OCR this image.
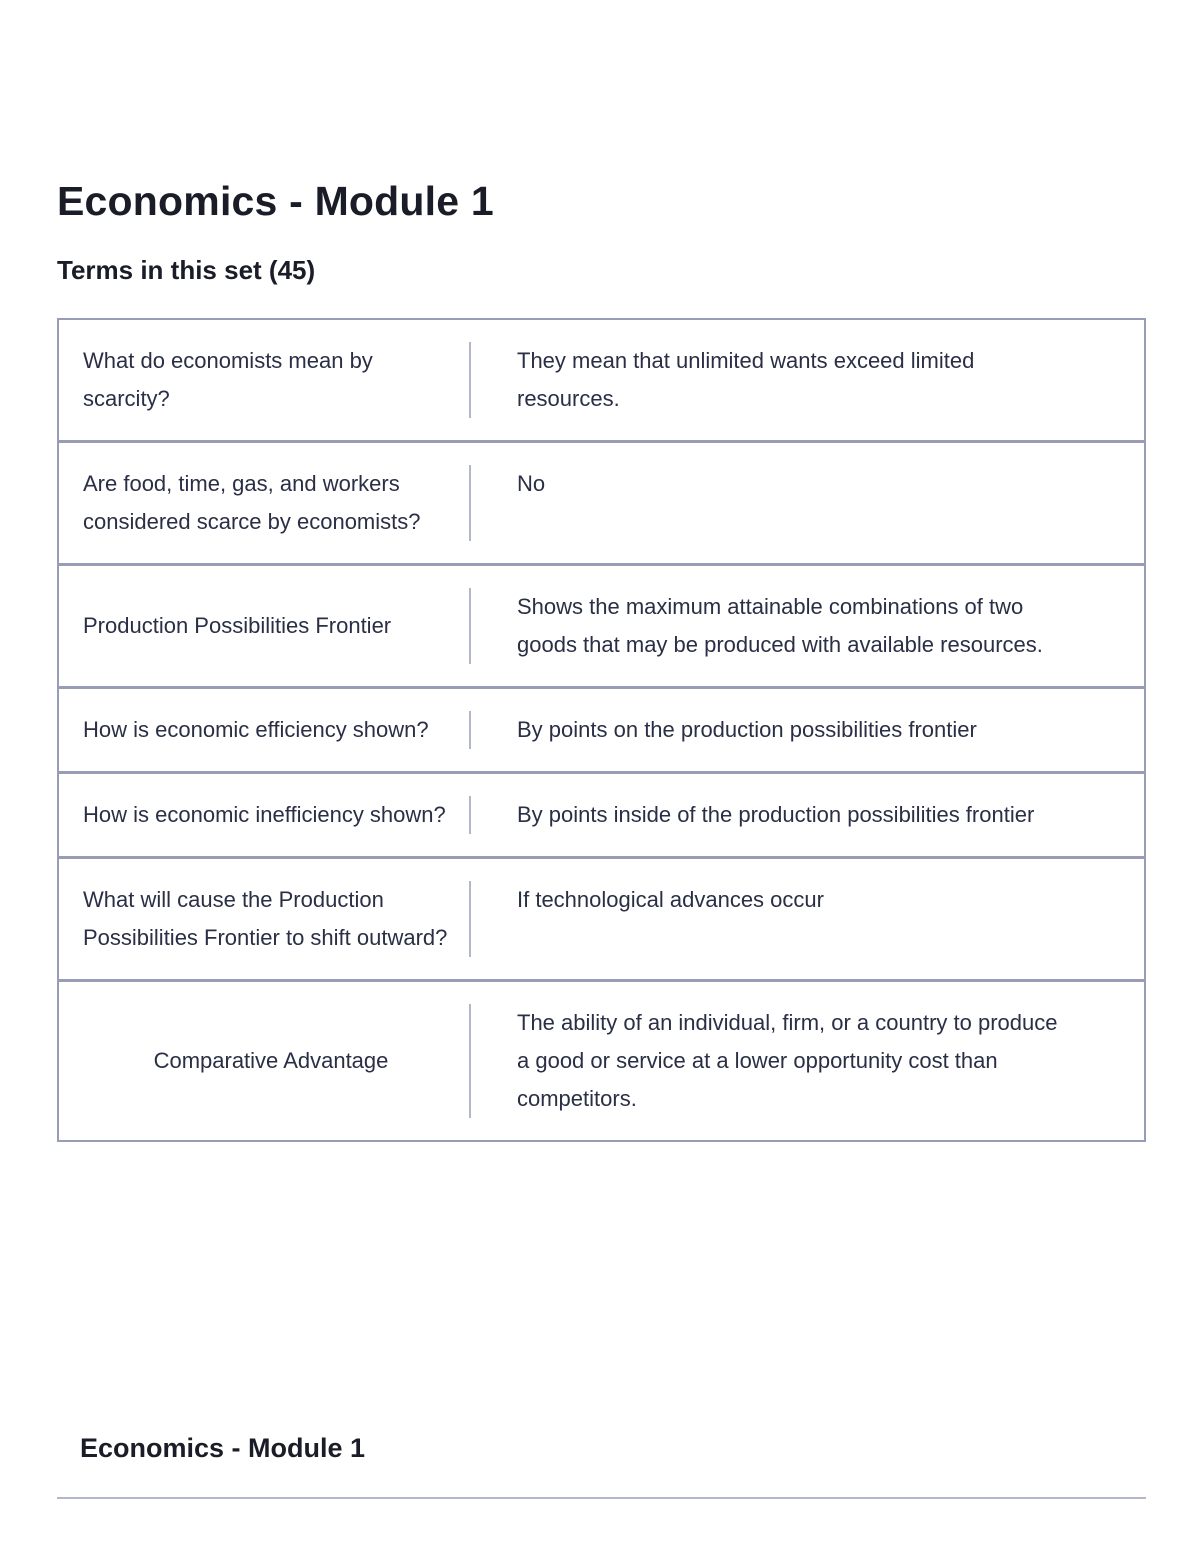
Economics - Module 1
Terms in this set (45)
What do economists mean by scarcity?
They mean that unlimited wants exceed limited resources.
Are food, time, gas, and workers considered scarce by economists?
No
Production Possibilities Frontier
Shows the maximum attainable combinations of two goods that may be produced with available resources.
How is economic efficiency shown?	By points on the production possibilities frontier
How is economic inefficiency shown?	By points inside of the production possibilities frontier
What will cause the Production Possibilities Frontier to shift outward?
If technological advances occur
Comparative Advantage
The ability of an individual, firm, or a country to produce a good or service at a lower opportunity cost than competitors.
Economics - Module 1
